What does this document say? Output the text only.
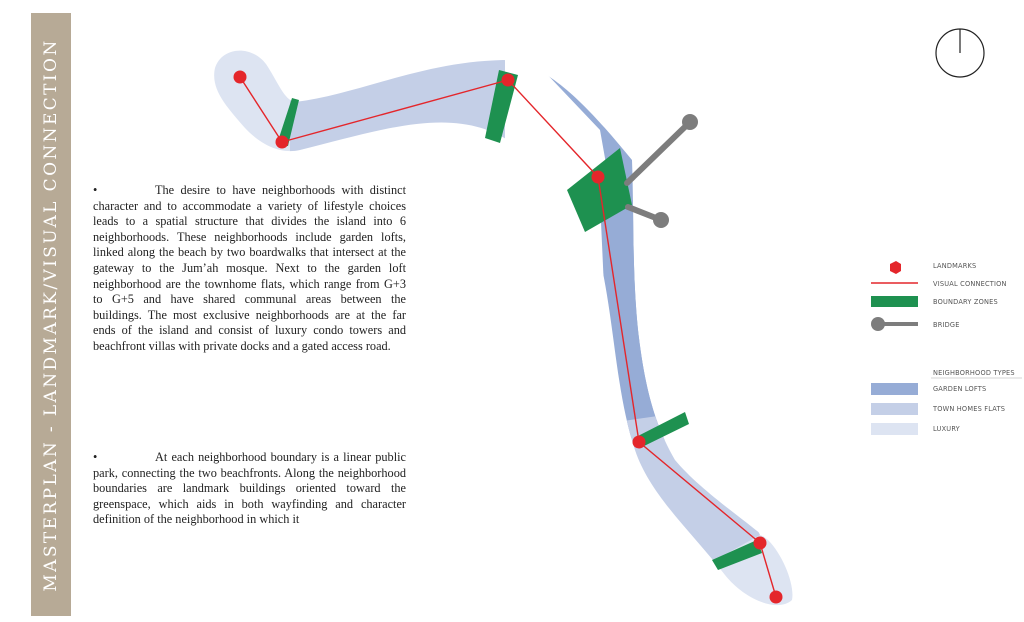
MASTERPLAN - LANDMARK/VISUAL CONNECTION	•	The desire to have neighborhoods with distinct character and to accommodate a variety of lifestyle choices leads to a spatial structure that divides the island into 6 neighborhoods. These neighborhoods include garden lofts, linked along the beach by two boardwalks that intersect at the gateway to the Jum’ah mosque. Next to the garden loft neighborhood are the townhome flats, which range from G+3 to G+5 and have shared communal areas between the buildings. The most exclusive neighborhoods are at the far ends of the island and consist of luxury condo towers and beachfront villas with private docks and a gated access road.

•	At each neighborhood boundary is a linear public park, connecting the two beachfronts. Along the neighborhood boundaries are landmark buildings oriented toward the greenspace, which aids in both wayfinding and character definition of the neighborhood in which it

LANDMARKS
VISUAL CONNECTION
BOUNDARY ZONES
BRIDGE
NEIGHBORHOOD TYPES
GARDEN LOFTS
TOWN HOMES FLATS
LUXURY
